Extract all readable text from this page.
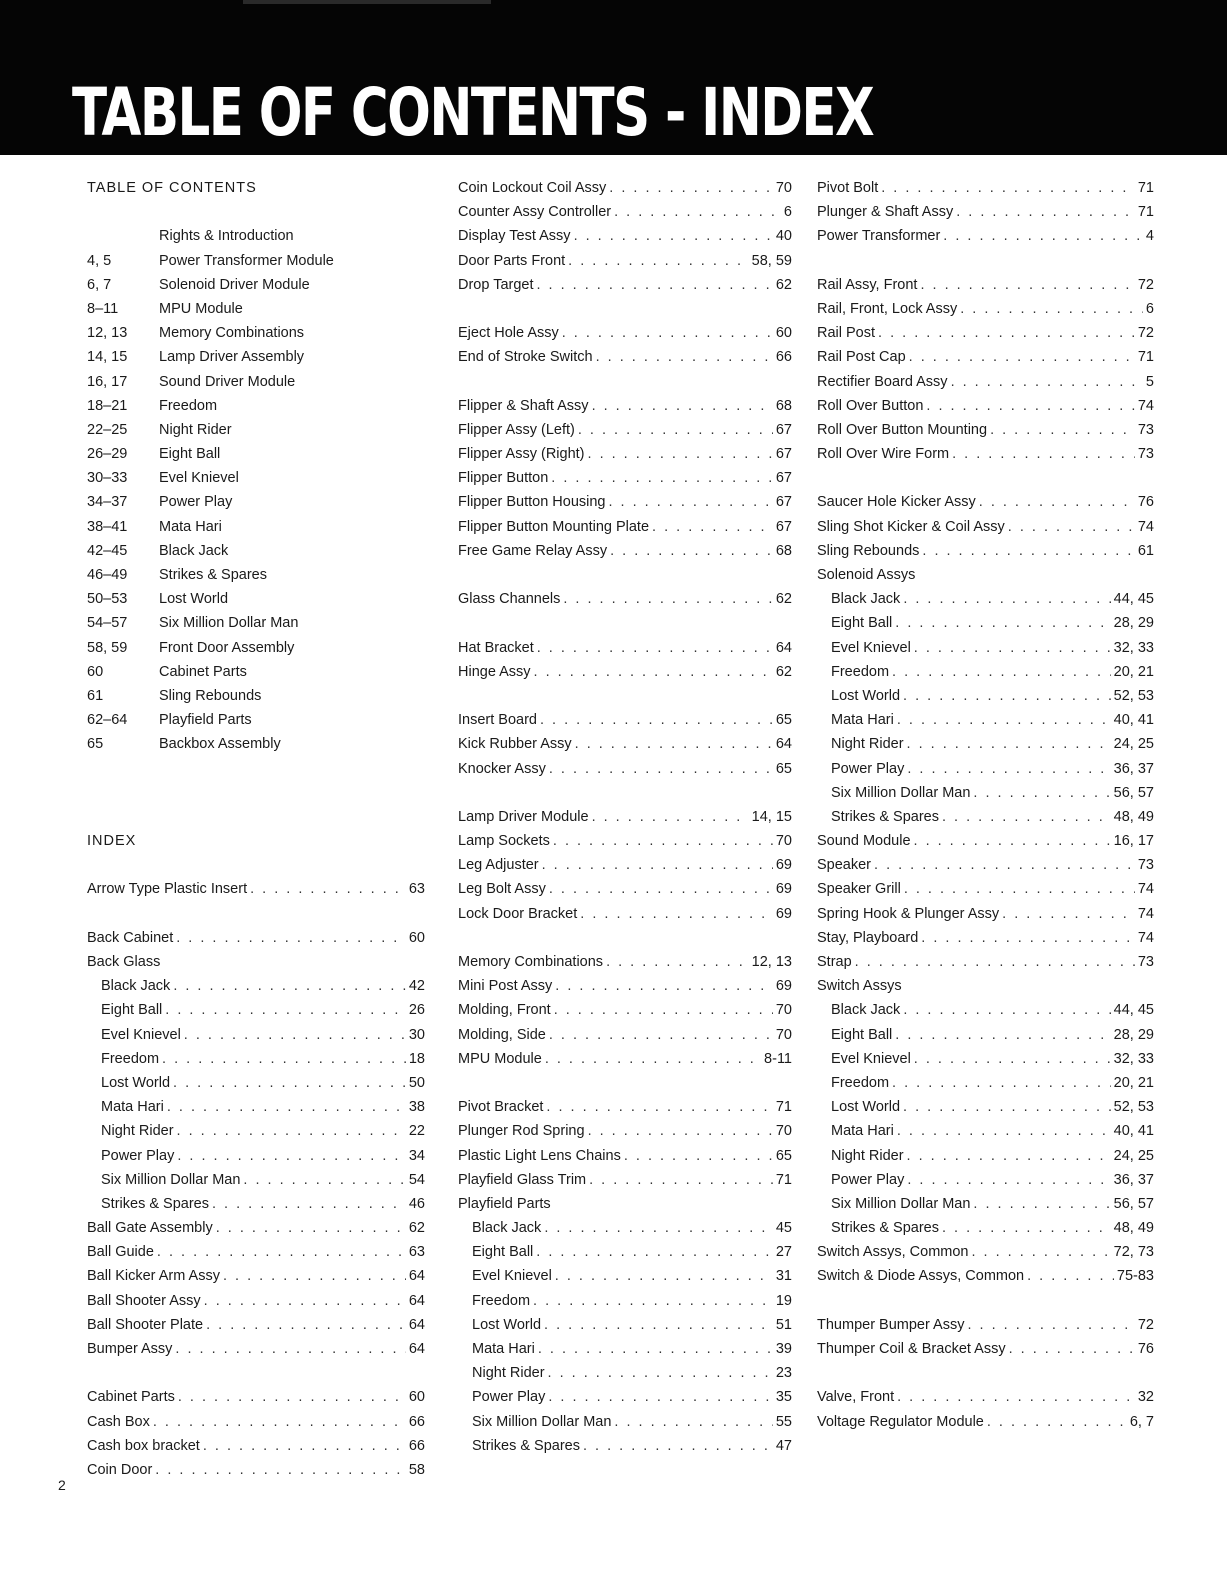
TABLE OF CONTENTS - INDEX
TABLE OF CONTENTS
Rights & Introduction
4, 5	Power Transformer Module
6, 7	Solenoid Driver Module
8–11	MPU Module
12, 13	Memory Combinations
14, 15	Lamp Driver Assembly
16, 17	Sound Driver Module
18–21	Freedom
22–25	Night Rider
26–29	Eight Ball
30–33	Evel Knievel
34–37	Power Play
38–41	Mata Hari
42–45	Black Jack
46–49	Strikes & Spares
50–53	Lost World
54–57	Six Million Dollar Man
58, 59	Front Door Assembly
60	Cabinet Parts
61	Sling Rebounds
62–64	Playfield Parts
65	Backbox Assembly
INDEX
Arrow Type Plastic Insert . . .	63
Back Cabinet . . .	60
Back Glass
Black Jack . . .	42
Eight Ball . . .	26
Evel Knievel . . .	30
Freedom . . .	18
Lost World . . .	50
Mata Hari . . .	38
Night Rider . . .	22
Power Play . . .	34
Six Million Dollar Man . . .	54
Strikes & Spares . . .	46
Ball Gate Assembly . . .	62
Ball Guide . . .	63
Ball Kicker Arm Assy . . .	64
Ball Shooter Assy . . .	64
Ball Shooter Plate . . .	64
Bumper Assy . . .	64
Cabinet Parts . . .	60
Cash Box . . .	66
Cash box bracket . . .	66
Coin Door . . .	58
Coin Lockout Coil Assy . . .	70
Counter Assy Controller . . .	6
Display Test Assy . . .	40
Door Parts Front . . .	58, 59
Drop Target . . .	62
Eject Hole Assy . . .	60
End of Stroke Switch . . .	66
Flipper & Shaft Assy . . .	68
Flipper Assy (Left) . . .	67
Flipper Assy (Right) . . .	67
Flipper Button . . .	67
Flipper Button Housing . . .	67
Flipper Button Mounting Plate . . .	67
Free Game Relay Assy . . .	68
Glass Channels . . .	62
Hat Bracket . . .	64
Hinge Assy . . .	62
Insert Board . . .	65
Kick Rubber Assy . . .	64
Knocker Assy . . .	65
Lamp Driver Module . . .	14, 15
Lamp Sockets . . .	70
Leg Adjuster . . .	69
Leg Bolt Assy . . .	69
Lock Door Bracket . . .	69
Memory Combinations . . .	12, 13
Mini Post Assy . . .	69
Molding, Front . . .	70
Molding, Side . . .	70
MPU Module . . .	8-11
Pivot Bracket . . .	71
Plunger Rod Spring . . .	70
Plastic Light Lens Chains . . .	65
Playfield Glass Trim . . .	71
Playfield Parts
Black Jack . . .	45
Eight Ball . . .	27
Evel Knievel . . .	31
Freedom . . .	19
Lost World . . .	51
Mata Hari . . .	39
Night Rider . . .	23
Power Play . . .	35
Six Million Dollar Man . . .	55
Strikes & Spares . . .	47
Pivot Bolt . . .	71
Plunger & Shaft Assy . . .	71
Power Transformer . . .	4
Rail Assy, Front . . .	72
Rail, Front, Lock Assy . . .	6
Rail Post . . .	72
Rail Post Cap . . .	71
Rectifier Board Assy . . .	5
Roll Over Button . . .	74
Roll Over Button Mounting . . .	73
Roll Over Wire Form . . .	73
Saucer Hole Kicker Assy . . .	76
Sling Shot Kicker & Coil Assy . . .	74
Sling Rebounds . . .	61
Solenoid Assys
Black Jack . . .	44, 45
Eight Ball . . .	28, 29
Evel Knievel . . .	32, 33
Freedom . . .	20, 21
Lost World . . .	52, 53
Mata Hari . . .	40, 41
Night Rider . . .	24, 25
Power Play . . .	36, 37
Six Million Dollar Man . . .	56, 57
Strikes & Spares . . .	48, 49
Sound Module . . .	16, 17
Speaker . . .	73
Speaker Grill . . .	74
Spring Hook & Plunger Assy . . .	74
Stay, Playboard . . .	74
Strap . . .	73
Switch Assys
Black Jack . . .	44, 45
Eight Ball . . .	28, 29
Evel Knievel . . .	32, 33
Freedom . . .	20, 21
Lost World . . .	52, 53
Mata Hari . . .	40, 41
Night Rider . . .	24, 25
Power Play . . .	36, 37
Six Million Dollar Man . . .	56, 57
Strikes & Spares . . .	48, 49
Switch Assys, Common . . .	72, 73
Switch & Diode Assys, Common . . .	75-83
Thumper Bumper Assy . . .	72
Thumper Coil & Bracket Assy . . .	76
Valve, Front . . .	32
Voltage Regulator Module . . .	6, 7
2
